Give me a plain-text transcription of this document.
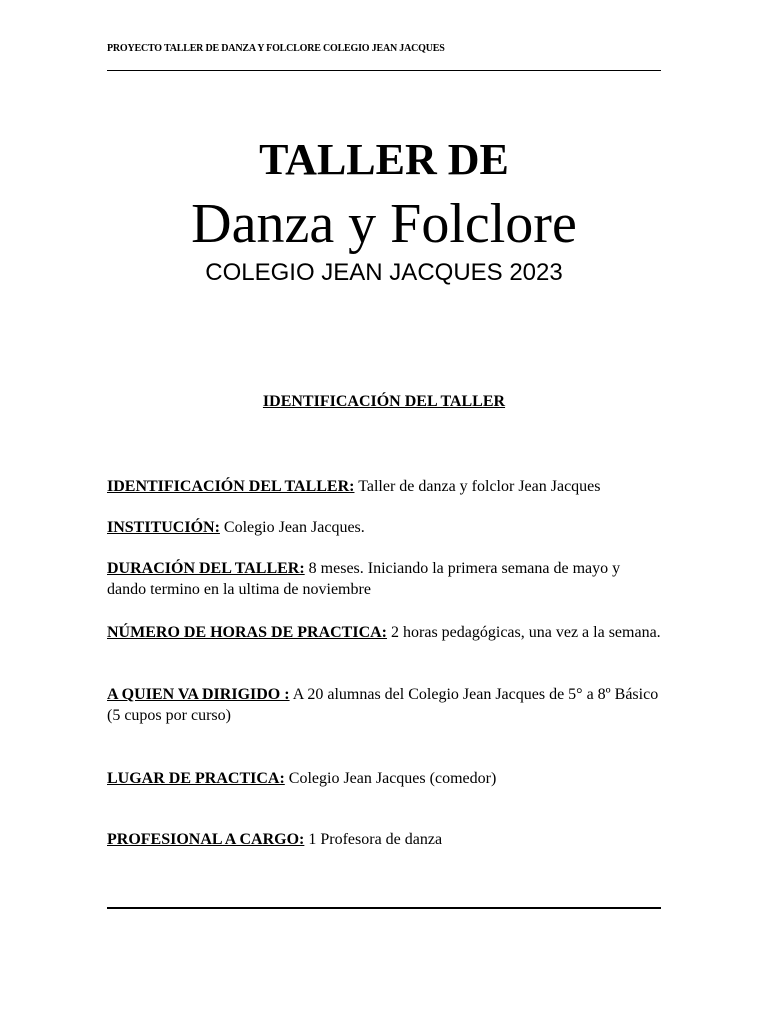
PROYECTO TALLER DE DANZA Y FOLCLORE COLEGIO JEAN JACQUES
TALLER DE
Danza y Folclore
COLEGIO JEAN JACQUES 2023
IDENTIFICACIÓN DEL TALLER
IDENTIFICACIÓN DEL TALLER: Taller de danza y folclor Jean Jacques
INSTITUCIÓN: Colegio Jean Jacques.
DURACIÓN DEL TALLER: 8 meses. Iniciando la primera semana de mayo y dando termino en la ultima de noviembre
NÚMERO DE HORAS DE PRACTICA: 2 horas pedagógicas, una vez a la semana.
A QUIEN VA DIRIGIDO : A 20 alumnas del Colegio Jean Jacques de 5° a 8º Básico (5 cupos por curso)
LUGAR DE PRACTICA: Colegio Jean Jacques (comedor)
PROFESIONAL A CARGO: 1 Profesora de danza
